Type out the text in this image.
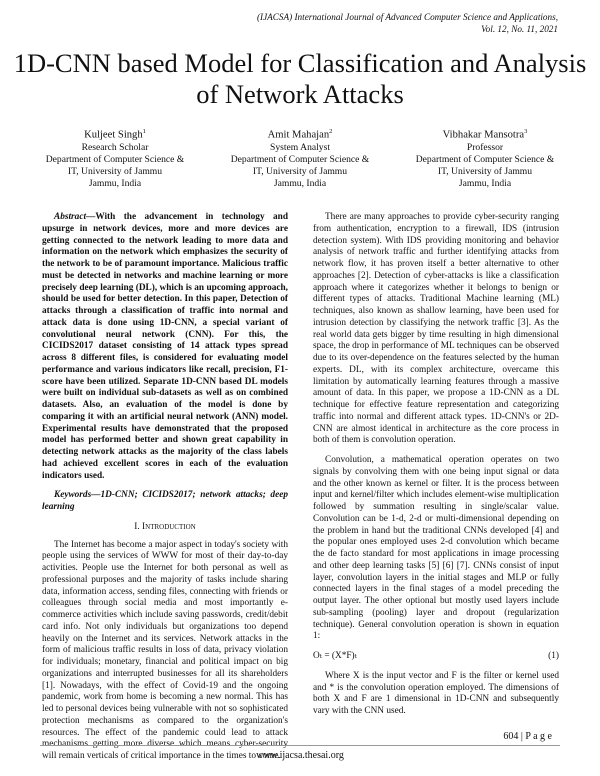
(IJACSA) International Journal of Advanced Computer Science and Applications,
Vol. 12, No. 11, 2021
1D-CNN based Model for Classification and Analysis
of Network Attacks
Kuljeet Singh$^1$
Research Scholar
Department of Computer Science &
IT, University of Jammu
Jammu, India
Amit Mahajan$^2$
System Analyst
Department of Computer Science &
IT, University of Jammu
Jammu, India
Vibhakar Mansotra$^3$
Professor
Department of Computer Science &
IT, University of Jammu
Jammu, India

Abstract—With the advancement in technology and upsurge in network devices, more and more devices are getting connected to the network leading to more data and information on the network which emphasizes the security of the network to be of paramount importance. Malicious traffic must be detected in networks and machine learning or more precisely deep learning (DL), which is an upcoming approach, should be used for better detection. In this paper, Detection of attacks through a classification of traffic into normal and attack data is done using 1D-CNN, a special variant of convolutional neural network (CNN). For this, the CICIDS2017 dataset consisting of 14 attack types spread across 8 different files, is considered for evaluating model performance and various indicators like recall, precision, F1-score have been utilized. Separate 1D-CNN based DL models were built on individual sub-datasets as well as on combined datasets. Also, an evaluation of the model is done by comparing it with an artificial neural network (ANN) model. Experimental results have demonstrated that the proposed model has performed better and shown great capability in detecting network attacks as the majority of the class labels had achieved excellent scores in each of the evaluation indicators used.

Keywords—1D-CNN; CICIDS2017; network attacks; deep learning

I. Introduction

The Internet has become a major aspect in today's society with people using the services of WWW for most of their day-to-day activities. People use the Internet for both personal as well as professional purposes and the majority of tasks include sharing data, information access, sending files, connecting with friends or colleagues through social media and most importantly e-commerce activities which include saving passwords, credit/debit card info. Not only individuals but organizations too depend heavily on the Internet and its services. Network attacks in the form of malicious traffic results in loss of data, privacy violation for individuals; monetary, financial and political impact on big organizations and interrupted businesses for all its shareholders [1]. Nowadays, with the effect of Covid-19 and the ongoing pandemic, work from home is becoming a new normal. This has led to personal devices being vulnerable with not so sophisticated protection mechanisms as compared to the organization's resources. The effect of the pandemic could lead to attack mechanisms getting more diverse which means cyber-security will remain verticals of critical importance in the times to come.

There are many approaches to provide cyber-security ranging from authentication, encryption to a firewall, IDS (intrusion detection system). With IDS providing monitoring and behavior analysis of network traffic and further identifying attacks from network flow, it has proven itself a better alternative to other approaches [2]. Detection of cyber-attacks is like a classification approach where it categorizes whether it belongs to benign or different types of attacks. Traditional Machine learning (ML) techniques, also known as shallow learning, have been used for intrusion detection by classifying the network traffic [3]. As the real world data gets bigger by time resulting in high dimensional space, the drop in performance of ML techniques can be observed due to its over-dependence on the features selected by the human experts. DL, with its complex architecture, overcame this limitation by automatically learning features through a massive amount of data. In this paper, we propose a 1D-CNN as a DL technique for effective feature representation and categorizing traffic into normal and different attack types. 1D-CNN's or 2D-CNN are almost identical in architecture as the core process in both of them is convolution operation.

Convolution, a mathematical operation operates on two signals by convolving them with one being input signal or data and the other known as kernel or filter. It is the process between input and kernel/filter which includes element-wise multiplication followed by summation resulting in single/scalar value. Convolution can be 1-d, 2-d or multi-dimensional depending on the problem in hand but the traditional CNNs developed [4] and the popular ones employed uses 2-d convolution which became the de facto standard for most applications in image processing and other deep learning tasks [5] [6] [7]. CNNs consist of input layer, convolution layers in the initial stages and MLP or fully connected layers in the final stages of a model preceding the output layer. The other optional but mostly used layers include sub-sampling (pooling) layer and dropout (regularization technique). General convolution operation is shown in equation 1:

Oₜ = (X*F)ₜ	(1)

Where X is the input vector and F is the filter or kernel used and * is the convolution operation employed. The dimensions of both X and F are 1 dimensional in 1D-CNN and subsequently vary with the CNN used.

604 | P a g e
www.ijacsa.thesai.org
